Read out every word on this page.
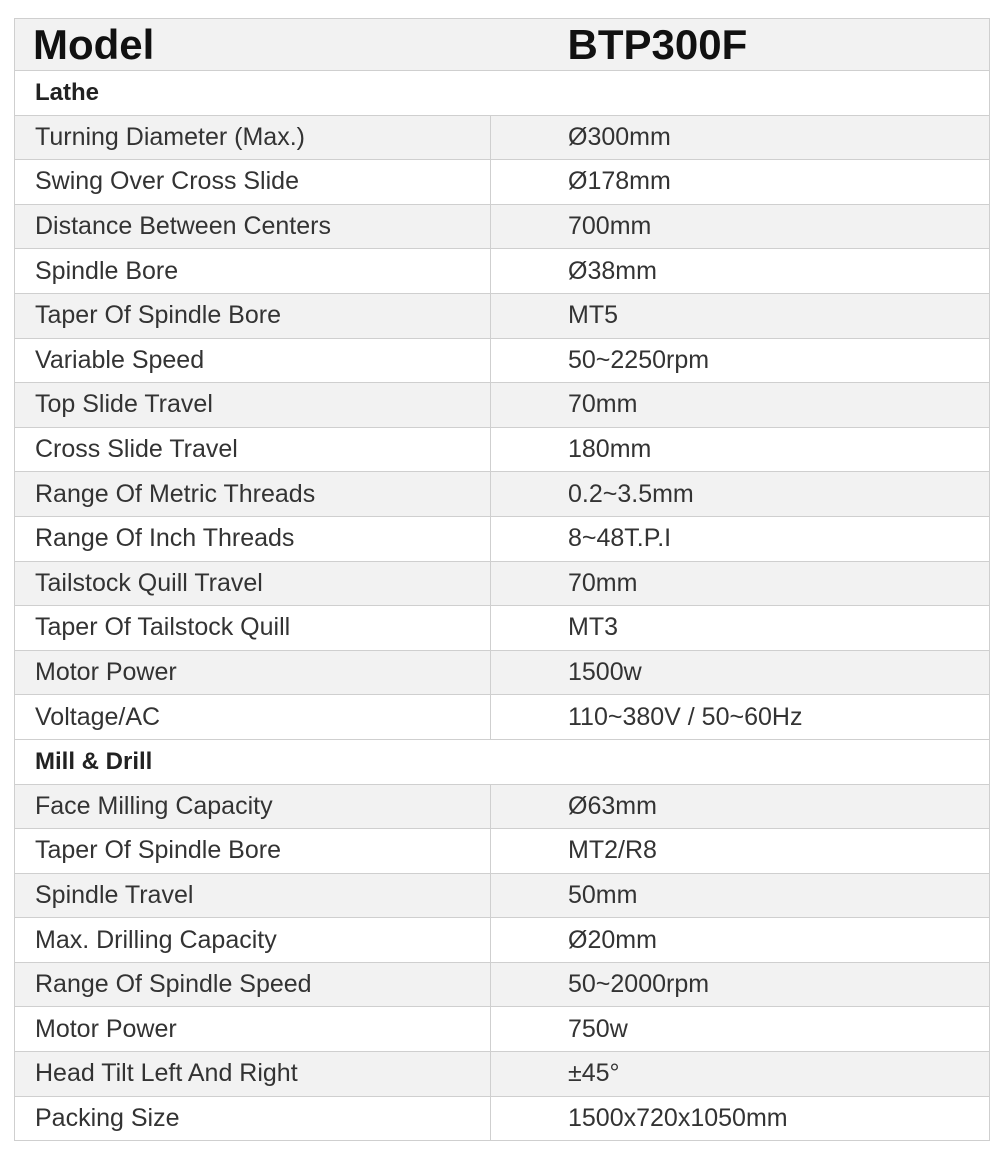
Model	BTP300F
Lathe	
Turning Diameter (Max.)	Ø300mm
Swing Over Cross Slide	Ø178mm
Distance Between Centers	700mm
Spindle Bore	Ø38mm
Taper Of Spindle Bore	MT5
Variable Speed	50~2250rpm
Top Slide Travel	70mm
Cross Slide Travel	180mm
Range Of Metric Threads	0.2~3.5mm
Range Of Inch Threads	8~48T.P.I
Tailstock Quill Travel	70mm
Taper Of Tailstock Quill	MT3
Motor Power	1500w
Voltage/AC	110~380V / 50~60Hz
Mill & Drill	
Face Milling Capacity	Ø63mm
Taper Of Spindle Bore	MT2/R8
Spindle Travel	50mm
Max. Drilling Capacity	Ø20mm
Range Of Spindle Speed	50~2000rpm
Motor Power	750w
Head Tilt Left And Right	±45°
Packing Size	1500x720x1050mm
